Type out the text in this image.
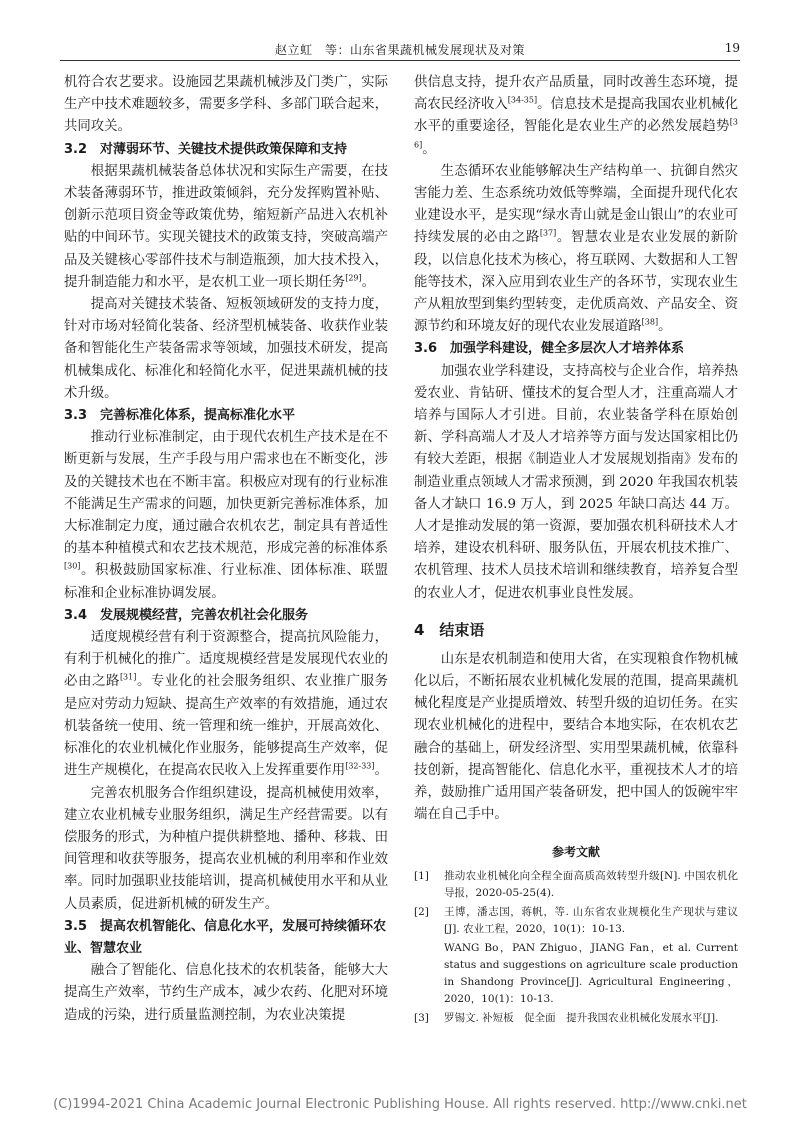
赵立虹　等：山东省果蔬机械发展现状及对策	19

机符合农艺要求。设施园艺果蔬机械涉及门类广，实际生产中技术难题较多，需要多学科、多部门联合起来，共同攻关。

3.2　对薄弱环节、关键技术提供政策保障和支持

根据果蔬机械装备总体状况和实际生产需要，在技术装备薄弱环节，推进政策倾斜，充分发挥购置补贴、创新示范项目资金等政策优势，缩短新产品进入农机补贴的中间环节。实现关键技术的政策支持，突破高端产品及关键核心零部件技术与制造瓶颈，加大技术投入，提升制造能力和水平，是农机工业一项长期任务[29]。

提高对关键技术装备、短板领域研发的支持力度，针对市场对轻简化装备、经济型机械装备、收获作业装备和智能化生产装备需求等领域，加强技术研发，提高机械集成化、标准化和轻简化水平，促进果蔬机械的技术升级。

3.3　完善标准化体系，提高标准化水平

推动行业标准制定，由于现代农机生产技术是在不断更新与发展，生产手段与用户需求也在不断变化，涉及的关键技术也在不断丰富。积极应对现有的行业标准不能满足生产需求的问题，加快更新完善标准体系，加大标准制定力度，通过融合农机农艺，制定具有普适性的基本种植模式和农艺技术规范，形成完善的标准体系[30]。积极鼓励国家标准、行业标准、团体标准、联盟标准和企业标准协调发展。

3.4　发展规模经营，完善农机社会化服务

适度规模经营有利于资源整合，提高抗风险能力，有利于机械化的推广。适度规模经营是发展现代农业的必由之路[31]。专业化的社会服务组织、农业推广服务是应对劳动力短缺、提高生产效率的有效措施，通过农机装备统一使用、统一管理和统一维护，开展高效化、标准化的农业机械化作业服务，能够提高生产效率，促进生产规模化，在提高农民收入上发挥重要作用[32-33]。

完善农机服务合作组织建设，提高机械使用效率，建立农业机械专业服务组织，满足生产经营需要。以有偿服务的形式，为种植户提供耕整地、播种、移栽、田间管理和收获等服务，提高农业机械的利用率和作业效率。同时加强职业技能培训，提高机械使用水平和从业人员素质，促进新机械的研发生产。

3.5　提高农机智能化、信息化水平，发展可持续循环农业、智慧农业

融合了智能化、信息化技术的农机装备，能够大大提高生产效率，节约生产成本，减少农药、化肥对环境造成的污染，进行质量监测控制，为农业决策提

供信息支持，提升农产品质量，同时改善生态环境，提高农民经济收入[34-35]。信息技术是提高我国农业机械化水平的重要途径，智能化是农业生产的必然发展趋势[36]。

生态循环农业能够解决生产结构单一、抗御自然灾害能力差、生态系统功效低等弊端，全面提升现代化农业建设水平，是实现“绿水青山就是金山银山”的农业可持续发展的必由之路[37]。智慧农业是农业发展的新阶段，以信息化技术为核心，将互联网、大数据和人工智能等技术，深入应用到农业生产的各环节，实现农业生产从粗放型到集约型转变，走优质高效、产品安全、资源节约和环境友好的现代农业发展道路[38]。

3.6　加强学科建设，健全多层次人才培养体系

加强农业学科建设，支持高校与企业合作，培养热爱农业、肯钻研、懂技术的复合型人才，注重高端人才培养与国际人才引进。目前，农业装备学科在原始创新、学科高端人才及人才培养等方面与发达国家相比仍有较大差距，根据《制造业人才发展规划指南》发布的制造业重点领域人才需求预测，到 2020 年我国农机装备人才缺口 16.9 万人，到 2025 年缺口高达 44 万。人才是推动发展的第一资源，要加强农机科研技术人才培养，建设农机科研、服务队伍，开展农机技术推广、农机管理、技术人员技术培训和继续教育，培养复合型的农业人才，促进农机事业良性发展。

4　结束语

山东是农机制造和使用大省，在实现粮食作物机械化以后，不断拓展农业机械化发展的范围，提高果蔬机械化程度是产业提质增效、转型升级的迫切任务。在实现农业机械化的进程中，要结合本地实际，在农机农艺融合的基础上，研发经济型、实用型果蔬机械，依靠科技创新，提高智能化、信息化水平，重视技术人才的培养，鼓励推广适用国产装备研发，把中国人的饭碗牢牢端在自己手中。

参考文献
[1]	推动农业机械化向全程全面高质高效转型升级[N]. 中国农机化导报，2020-05-25(4).
[2]	王博，潘志国，蒋帆，等. 山东省农业规模化生产现状与建议[J]. 农业工程，2020，10(1)：10-13.
WANG Bo，PAN Zhiguo，JIANG Fan，et al. Current status and suggestions on agriculture scale production in Shandong Province[J]. Agricultural Engineering，2020，10(1)：10-13.
[3]	罗锡文. 补短板　促全面　提升我国农业机械化发展水平[J].
(C)1994-2021 China Academic Journal Electronic Publishing House. All rights reserved. http://www.cnki.net
